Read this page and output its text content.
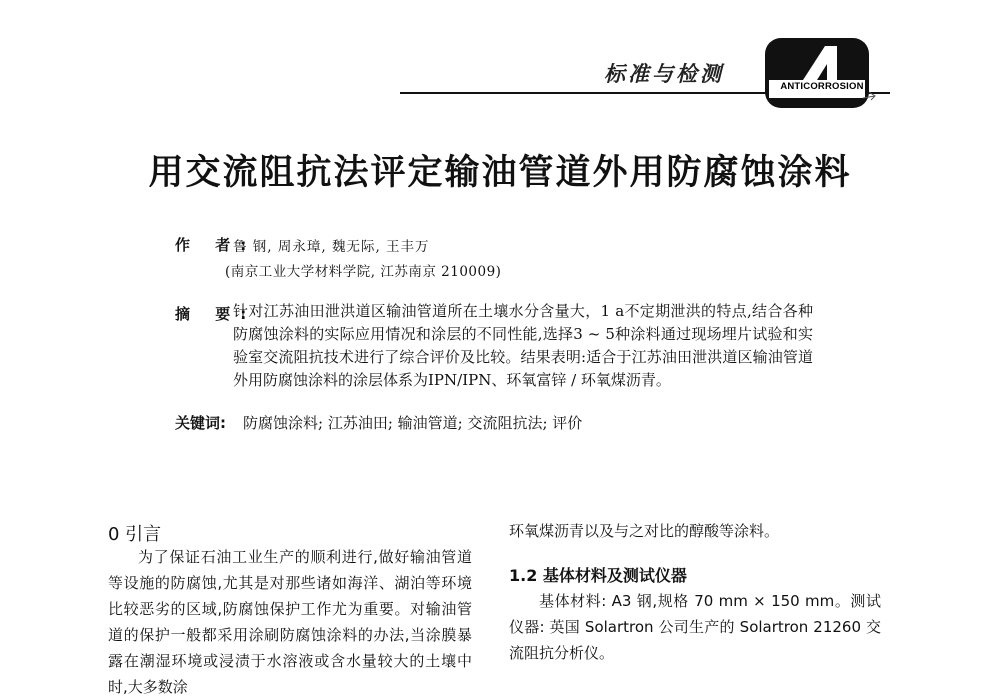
标准与检测
ANTICORROSION
用交流阻抗法评定输油管道外用防腐蚀涂料
作 者:
鲁 钢, 周永璋, 魏无际, 王丰万
(南京工业大学材料学院, 江苏南京 210009)
摘 要:
针对江苏油田泄洪道区输油管道所在土壤水分含量大，1 a不定期泄洪的特点,结合各种防腐蚀涂料的实际应用情况和涂层的不同性能,选择3 ~ 5种涂料通过现场埋片试验和实验室交流阻抗技术进行了综合评价及比较。结果表明:适合于江苏油田泄洪道区输油管道外用防腐蚀涂料的涂层体系为IPN/IPN、环氧富锌 / 环氧煤沥青。
关键词: 防腐蚀涂料; 江苏油田; 输油管道; 交流阻抗法; 评价
0 引言

为了保证石油工业生产的顺利进行,做好输油管道等设施的防腐蚀,尤其是对那些诸如海洋、湖泊等环境比较恶劣的区域,防腐蚀保护工作尤为重要。对输油管道的保护一般都采用涂刷防腐蚀涂料的办法,当涂膜暴露在潮湿环境或浸渍于水溶液或含水量较大的土壤中时,大多数涂

环氧煤沥青以及与之对比的醇酸等涂料。
1.2 基体材料及测试仪器

基体材料: A3 钢,规格 70 mm × 150 mm。测试仪器: 英国 Solartron 公司生产的 Solartron 21260 交流阻抗分析仪。
